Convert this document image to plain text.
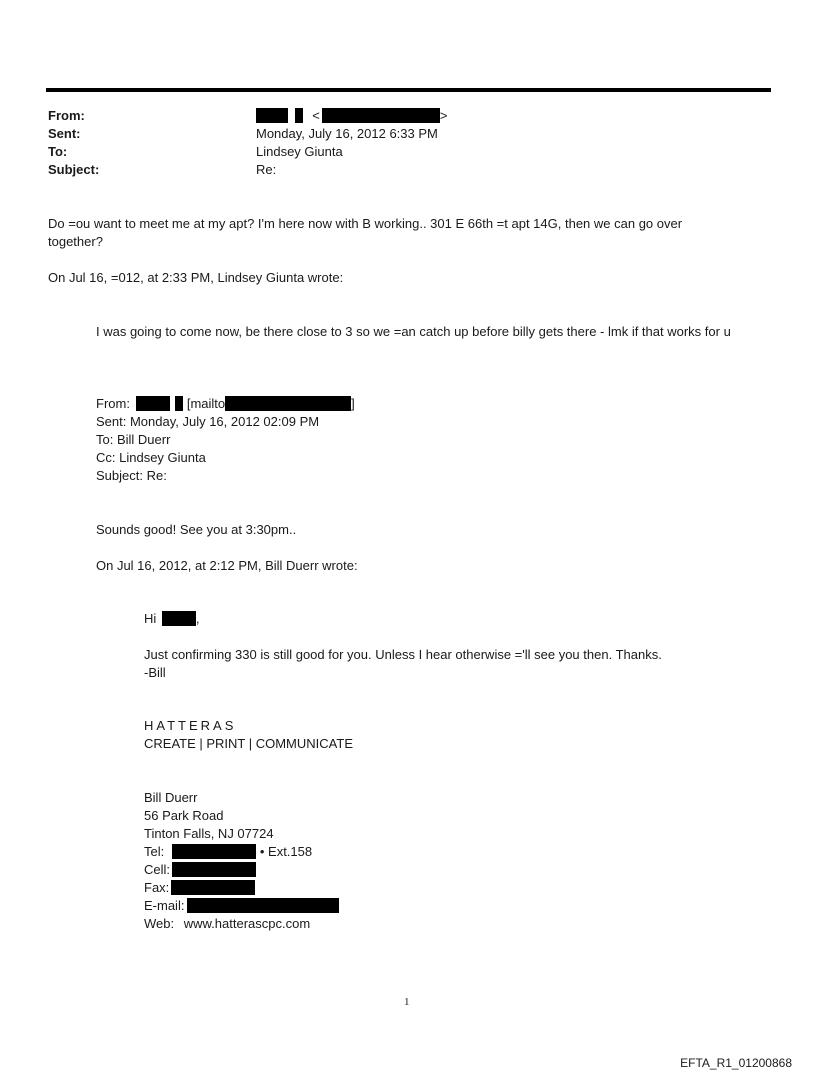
From:	<	>
Sent:	Monday, July 16, 2012 6:33 PM
To:	Lindsey Giunta
Subject:	Re:
Do =ou want to meet me at my apt? I'm here now with B working.. 301 E 66th =t apt 14G, then we can go over
together?
On Jul 16, =012, at 2:33 PM, Lindsey Giunta wrote:
I was going to come now, be there close to 3 so we =an catch up before billy gets there - lmk if that works for u
From:	[mailto	]
Sent: Monday, July 16, 2012 02:09 PM
To: Bill Duerr
Cc: Lindsey Giunta
Subject: Re:
Sounds good! See you at 3:30pm..
On Jul 16, 2012, at 2:12 PM, Bill Duerr wrote:
Hi	,
Just confirming 330 is still good for you. Unless I hear otherwise ='ll see you then. Thanks.
-Bill
HATTERAS
CREATE | PRINT | COMMUNICATE
Bill Duerr
56 Park Road
Tinton Falls, NJ 07724
Tel:	• Ext.158
Cell:
Fax:
E-mail:
Web: www.hatterascpc.com
1
EFTA_R1_01200868
